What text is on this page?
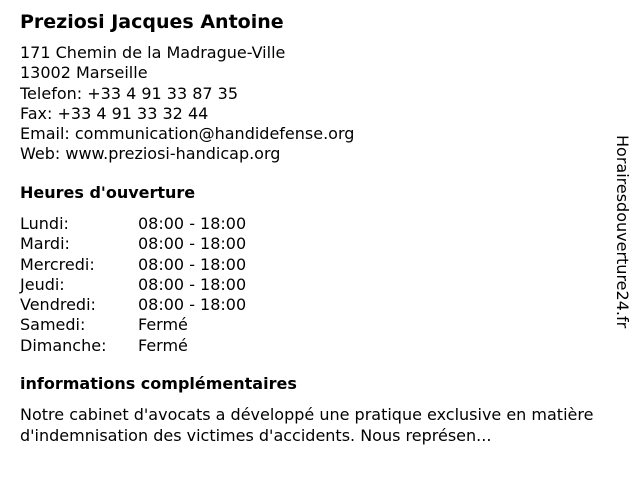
Preziosi Jacques Antoine
171 Chemin de la Madrague-Ville
13002 Marseille
Telefon: +33 4 91 33 87 35
Fax: +33 4 91 33 32 44
Email: communication@handidefense.org
Web: www.preziosi-handicap.org
Heures d'ouverture
Lundi:	08:00 - 18:00
Mardi:	08:00 - 18:00
Mercredi:	08:00 - 18:00
Jeudi:	08:00 - 18:00
Vendredi:	08:00 - 18:00
Samedi:	Fermé
Dimanche: Fermé
informations complémentaires
Notre cabinet d'avocats a développé une pratique exclusive en matière d'indemnisation des victimes d'accidents. Nous représen...
Horairesdouverture24.fr
